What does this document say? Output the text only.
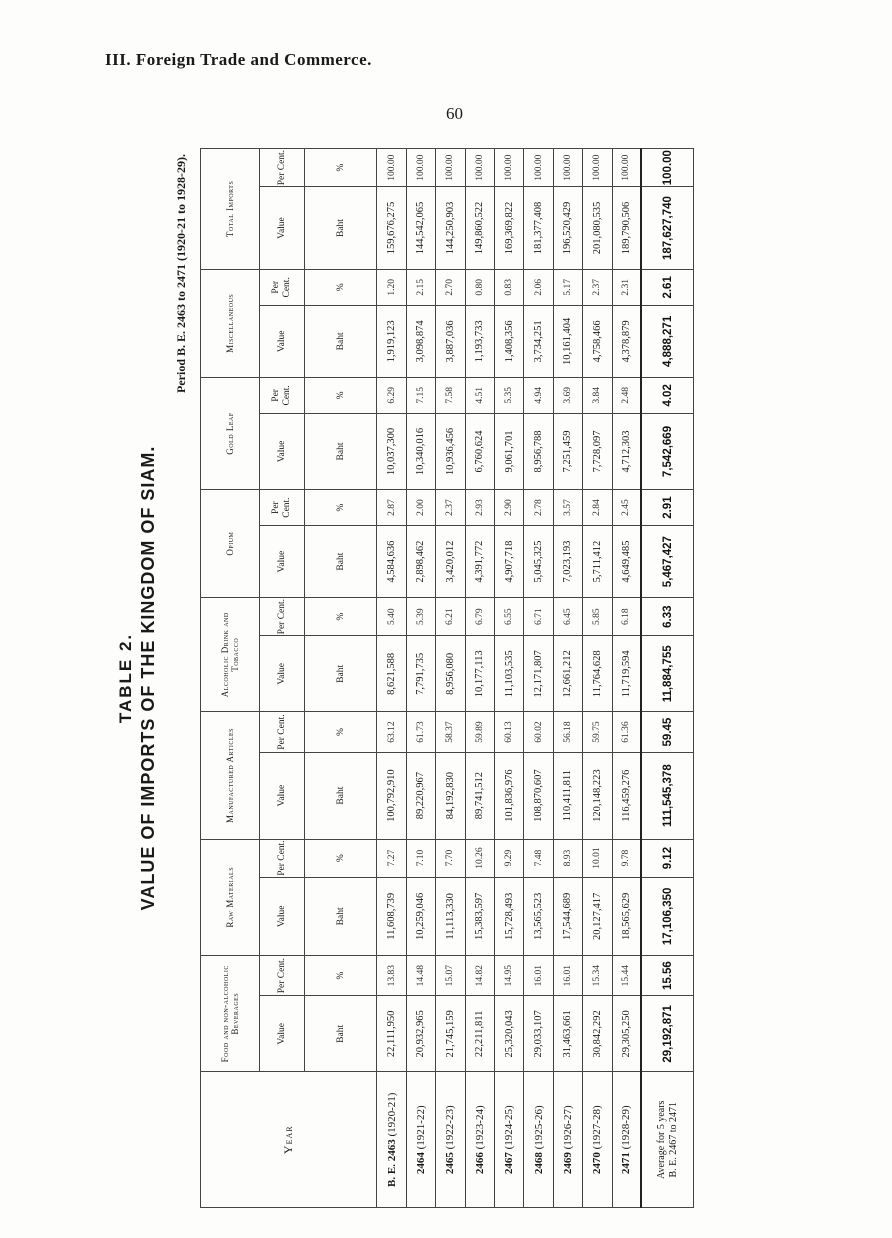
III. Foreign Trade and Commerce.
60
TABLE 2. VALUE OF IMPORTS OF THE KINGDOM OF SIAM.
Period B. E. 2463 to 2471 (1920-21 to 1928-29).
Year	Food and non-alcoholic Beverages		Raw Materials		Manufactured Articles		Alcoholic Drink and Tobacco		Opium		Gold Leaf		Miscellaneous		Total Imports	
	Value	Per Cent.	Value	Per Cent.	Value	Per Cent.	Value	Per Cent.	Value	Per Cent.	Value	Per Cent.	Value	Per Cent.	Value	Per Cent.
	Baht	%	Baht	%	Baht	%	Baht	%	Baht	%	Baht	%	Baht	%	Baht	%
B. E. 2463 (1920-21)	22,111,950	13.83	11,608,739	7.27	100,792,910	63.12	8,621,588	5.40	4,584,636	2.87	10,037,300	6.29	1,919,123	1.20	159,676,275	100.00
2464 (1921-22)	20,932,965	14.48	10,259,046	7.10	89,220,967	61.73	7,791,735	5.39	2,898,462	2.00	10,340,016	7.15	3,098,874	2.15	144,542,065	100.00
2465 (1922-23)	21,745,159	15.07	11,113,330	7.70	84,192,830	58.37	8,956,080	6.21	3,420,012	2.37	10,936,456	7.58	3,887,036	2.70	144,250,903	100.00
2466 (1923-24)	22,211,811	14.82	15,383,597	10.26	89,741,512	59.89	10,177,113	6.79	4,391,772	2.93	6,760,624	4.51	1,193,733	0.80	149,860,522	100.00
2467 (1924-25)	25,320,043	14.95	15,728,493	9.29	101,836,976	60.13	11,103,535	6.55	4,907,718	2.90	9,061,701	5.35	1,408,356	0.83	169,369,822	100.00
2468 (1925-26)	29,033,107	16.01	13,565,523	7.48	108,870,607	60.02	12,171,807	6.71	5,045,325	2.78	8,956,788	4.94	3,734,251	2.06	181,377,408	100.00
2469 (1926-27)	31,463,661	16.01	17,544,689	8.93	110,411,811	56.18	12,661,212	6.45	7,023,193	3.57	7,251,459	3.69	10,161,404	5.17	196,520,429	100.00
2470 (1927-28)	30,842,292	15.34	20,127,417	10.01	120,148,223	59.75	11,764,628	5.85	5,711,412	2.84	7,728,097	3.84	4,758,466	2.37	201,080,535	100.00
2471 (1928-29)	29,305,250	15.44	18,565,629	9.78	116,459,276	61.36	11,719,594	6.18	4,649,485	2.45	4,712,303	2.48	4,378,879	2.31	189,790,506	100.00

Average for 5 years B. E. 2467 to 2471	29,192,871	15.56	17,106,350	9.12	111,545,378	59.45	11,884,755	6.33	5,467,427	2.91	7,542,669	4.02	4,888,271	2.61	187,627,740	100.00
